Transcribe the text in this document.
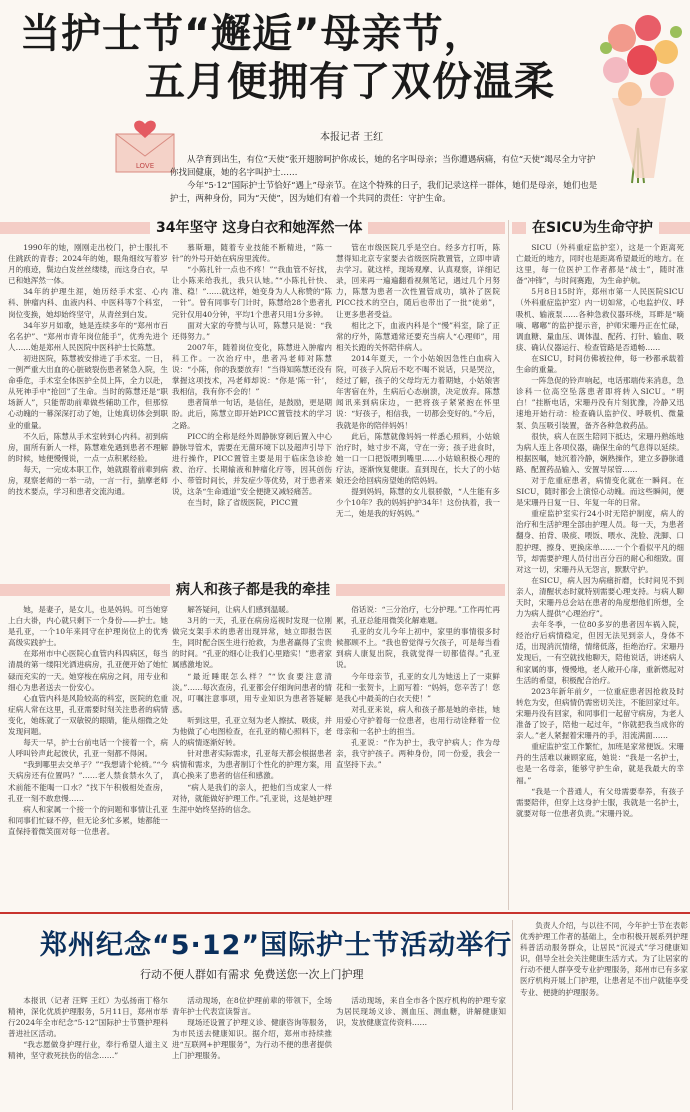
当护士节“邂逅”母亲节，
五月便拥有了双份温柔
LOVE
本报记者 王红

从孕育到出生，有位“天使”张开翅膀呵护你成长，她的名字叫母亲；当你遭遇病痛，有位“天使”竭尽全力守护你找回健康，她的名字叫护士……

今年“5·12”国际护士节恰好“遇上”母亲节。在这个特殊的日子，我们记录这样一群体，她们是母亲，她们也是护士，两种身份，同为“天使”，因为她们有着一个共同的责任：守护生命。

34年坚守 这身白衣和她浑然一体

1990年的她，刚刚走出校门，护士服扎不住跳跃的青春；2024年的她，眼角细纹写着岁月的痕迹，鬓边白发丝丝缕缕，而这身白衣，早已和她浑然一体。

34年的护理生涯，她历经手术室、心内科、肿瘤内科、血液内科、中医科等7个科室，岗位变换，她却始终坚守，从青丝到白发。

34年岁月如歌，她是连续多年的“郑州市百名名护”、“郑州市青年岗位能手”，优秀先进个人……她是郑州人民医院中医科护士长陈慧。

初进医院，陈慧被安排进了手术室。一日，一例严重大出血的心脏破裂伤患者紧急入院，生命垂危，手术室全体医护全员上阵，全力以赴，从死神手中“抢回”了生命。当时的陈慧还是“职场新人”，只能帮助前辈做些辅助工作，但那惊心动魄的一幕深深打动了她，让她真切体会到职业的重量。

不久后，陈慧从手术室转到心内科。初到病房，面所有新人一样，陈慧难免遇到患者不理解的时候，她便慢慢说，一点一点积累经验。

每天，一完成本职工作，她就跟着前辈到病房，观察老师的一举一动，一言一行，揣摩老师的技术要点，学习和患者交流沟通。

慕斯珊，随着专业技能不断精进，“陈一针”的外号开始在病房里流传。

“小陈扎针一点也不疼！”“我血管不好找，让小陈来给我扎，我只认她。”“小陈扎针快、准、稳！”……就这样，她变身为人人称赞的“陈一针”。曾有同事专门计时，陈慧给28个患者扎完针仅用40分钟，平均1个患者只用1分多钟。

面对大家的夸赞与认可，陈慧只是说：“我还得努力。”

2007年，随着岗位变化，陈慧进入肿瘤内科工作。一次治疗中，患者冯老师对陈慧说：“小陈，你的我要放弃！”当得知陈慧还没有掌握这项技术，冯老师却说：“你是‘陈一针’，我相信，我有你不会的！”

患者简单一句话，是信任，是鼓励，更是期盼。此后，陈慧立即开始PICC置管技术的学习之路。

PICC的全称是经外周静脉穿刺后置入中心静脉导管术，需要在无菌环境下以及超声引导下进行操作，PICC置管主要是用于临床急诊抢救、治疗、长期输液和肿瘤化疗等，因其创伤小、带管时间长，并发症少等优势，对于患者来说，这条“生命通道”安全便捷又减轻痛苦。

在当时，除了省级医院，PICC置

管在市级医院几乎是空白。经多方打听，陈慧得知北京专家要去省级医院教置管，立即申请去学习。就这样，现场观摩、认真观察，详细记录，回来再一遍遍翻看视频笔记，遇过几个月努力，陈慧为患者一次性置管成功，填补了医院PICC技术的空白，随后也带出了一批“徒弟”，让更多患者受益。

相比之下，血液内科是个“慢”科室，除了正常的疗外，陈慧通常还要充当病人“心理师”，用相关长跑的关怀陪伴病人。

2014年夏天，一个小姑娘因急性白血病入院，可孩子入院后不吃不喝不说话，只是哭泣，经过了解，孩子的父母均无力着期她，小姑娘害年害宿在外，生病后心态崩溃，决定放弃。陈慧闻讯来到病床边，一把将孩子紧紧抱在怀里说：“好孩子，相信我，一切都会变好的。”今后，我就是你的陪伴妈妈！

此后，陈慧就像妈妈一样悉心照料，小姑娘治疗时，她寸步不离，守在一旁；孩子进食时，她一口一口把饭喂到嘴里……小姑娘积极心理的疗法，逐渐恢复健康。直到现在，长大了的小姑娘还会给回病房望她的陪妈妈。

提到妈妈，陈慧的女儿很骄傲，“人生能有多少个10年？我的妈妈护护34年！这份执着，我一无二，她是我的好妈妈。”

在SICU为生命守护

SICU（外科重症监护室），这是一个距离死亡最近的地方，同时也是距离希望最近的地方。在这里，每一位医护工作者都是“战士”，随时准备“冲锋”，与时间赛跑，为生命护航。

5月8日15时许，郑州市第一人民医院SICU（外科重症监护室）内一切如常，心电监护仪、呼吸机、输液泵……各种急救仪器环绕，耳畔是“嘀嘀、嘟嘟”的监护提示音，护师宋珊丹正在忙碌，调血糖、量血压、调体温、配药、打针、输血、吸痰、确认仪器运行、检查管路是否通畅……

在SICU，时间仿佛被拉伸，每一秒都承载着生命的重量。

一阵急促的铃声响起，电话那端传来消息，急诊科一位高空坠落患者即将转入SICU。“明白！”挂断电话，宋珊丹没有片刻犹豫，冷静又迅速地开始行动：检查确认监护仪、呼吸机、微量泵、负压吸引装置，备齐各种急救药品。

很快，病人在医生陪同下抵达，宋珊丹熟练地为病人连上各项仪器，确保生命的气息得以延续。根据医嘱，她沉着冷静，娴熟操作，建立多静脉通路、配置药品输入、安置导尿管……

对于危重症患者，病情变化就在一瞬间。在SICU，随时都会上演惊心动魄。而这些瞬间，便是宋珊丹日复一日、年复一年的日常。

重症监护室实行24小时无陪护制度，病人的治疗和生活护理全部由护理人员。每一天，为患者翻身、拍背、吸痰、喂饭、喂水、洗脸、洗脚、口腔护理、擦身、更换床单……一个个看似平凡的细节，却需要护理人员付出百分百的耐心和细致。面对这一切，宋珊丹从无怨言，默默守护。

在SICU，病人因为病痛折磨，长时间见不到亲人，清醒状态时就特别需要心理支持。与病人聊天时，宋珊丹总会站在患者的角度想他们所想，全力为病人提供“心理治疗”。

去年冬季，一位80多岁的患者因车祸入院，经治疗后病情稳定，但因无法见到亲人，身体不适，出现消沉情绪，情绪低落，拒绝治疗。宋珊丹发现后，一有空就找他聊天，陪他说话，讲述病人和家属的事，慢慢地，老人敞开心扉，重新燃起对生活的希望，积极配合治疗。

2023年新年前夕，一位重症患者因抢救及时转危为安，但病情仍需密切关注，不能回家过年。宋珊丹没有回家，和同事们一起留守病房，为老人准备了饺子，陪他一起过年，“你就把我当成你的亲人。”老人紧握着宋珊丹的手，泪流满面……

重症监护室工作繁忙，加班是家常便饭。宋珊丹的生活难以兼顾家庭，她说：“我是一名护士，也是一名母亲，能够守护生命，就是我最大的幸福。”

“我是一个普通人，有父母需要奉养，有孩子需要陪伴，但穿上这身护士服，我就是一名护士，就要对每一位患者负责。”宋珊丹说。

病人和孩子都是我的牵挂

她，是妻子，是女儿，也是妈妈。可当她穿上白大褂，内心就只剩下一个身份——护士。她是孔亚，一个10年来同守在护理岗位上的优秀高级实践护士。

在郑州市中心医院心血管内科四病区，每当清晨的第一缕阳光洒进病房，孔亚便开始了她忙碌而充实的一天。她穿梭在病房之间，用专业和细心为患者送去一份安心。

心血管内科是风险较高的科室，医院的危重症病人常在这里，孔亚需要时刻关注患者的病情变化，她练就了一双敏锐的眼睛，能从细微之处发现问题。

每天一早，护士台前电话一个接着一个，病人呼叫铃声此起彼伏，孔亚一刻都不得闲。

“我到哪里去交单子？”“我想请个轮椅。”“今天病房还有位置吗？”……老人禁食禁水久了，术前能不能喝一口水？”找下午积极相处查房，孔亚一刻不敢怠慢……

病人和家属一个接一个的问题和事情让孔亚和同事们忙碌不停，但无论多忙多累，她都能一直保持着微笑面对每一位患者。

解答疑问，让病人们感到温暖。

3月的一天，孔亚在病房巡视时发现一位刚做完支架手术的患者出现异常，她立即报告医生，同时配合医生进行抢救，为患者赢得了宝贵的时间。“孔亚的细心让我们心里踏实！”患者家属感激地说。

“最近睡眠怎么样？”“饮食要注意清淡。”……每次查房，孔亚都会仔细询问患者的情况，叮嘱注意事项，用专业知识为患者答疑解惑。

听到这里，孔亚立刻为老人擦拭、吸痰，并为他做了心电图检查，在孔亚的精心照料下，老人的病情逐渐好转。

针对患者实际需求，孔亚每天都会根据患者病情和需求，为患者制订个性化的护理方案，用真心换来了患者的信任和感激。

“病人是我们的亲人，把他们当成家人一样对待，就能做好护理工作。”孔亚说，这是她护理生涯中始终坚持的信念。

俗话说：“三分治疗，七分护理。”工作再忙再累，孔亚总能用微笑化解难题。

孔亚的女儿今年上初中，家里的事情很多时候都顾不上。“我也曾觉得亏欠孩子，可是每当看到病人康复出院，我就觉得一切都值得。”孔亚说。

今年母亲节，孔亚的女儿为她送上了一束鲜花和一张贺卡，上面写着：“妈妈，您辛苦了！您是我心中最美的白衣天使！”

对孔亚来说，病人和孩子都是她的牵挂，她用爱心守护着每一位患者，也用行动诠释着一位母亲和一名护士的担当。

孔亚说：“作为护士，我守护病人；作为母亲，我守护孩子。两种身份，同一份爱，我会一直坚持下去。”

郑州纪念“5·12”国际护士节活动举行
行动不便人群如有需求 免费送您一次上门护理

本报讯（记者 汪辉 王红）为弘扬南丁格尔精神，深化优质护理服务，5月11日，郑州市举行2024年全市纪念“5·12”国际护士节暨护理科普进社区活动。

“我志愿做身护理行业，奉行希望人道主义精神，坚守救死扶伤的信念……”

活动现场，在8位护理前辈的带领下，全场青年护士代表宣读誓言。

现场还设置了护理义诊、健康咨询等服务，为市民送去健康知识。据介绍，郑州市持续推进“互联网+护理服务”，为行动不便的患者提供上门护理服务。

活动现场，来自全市各个医疗机构的护理专家为居民现场义诊、测血压、测血糖，讲解健康知识，发放健康宣传资料……

负责人介绍，与以往不同，今年护士节在表彰优秀护理工作者的基础上，全市积极开展系列护理科普活动服务群众，让居民“沉浸式”学习健康知识，倡导全社会关注健康生活方式。为了让居家的行动不便人群享受专业护理服务，郑州市已有多家医疗机构开展上门护理，让患者足不出户就能享受专业、便捷的护理服务。
